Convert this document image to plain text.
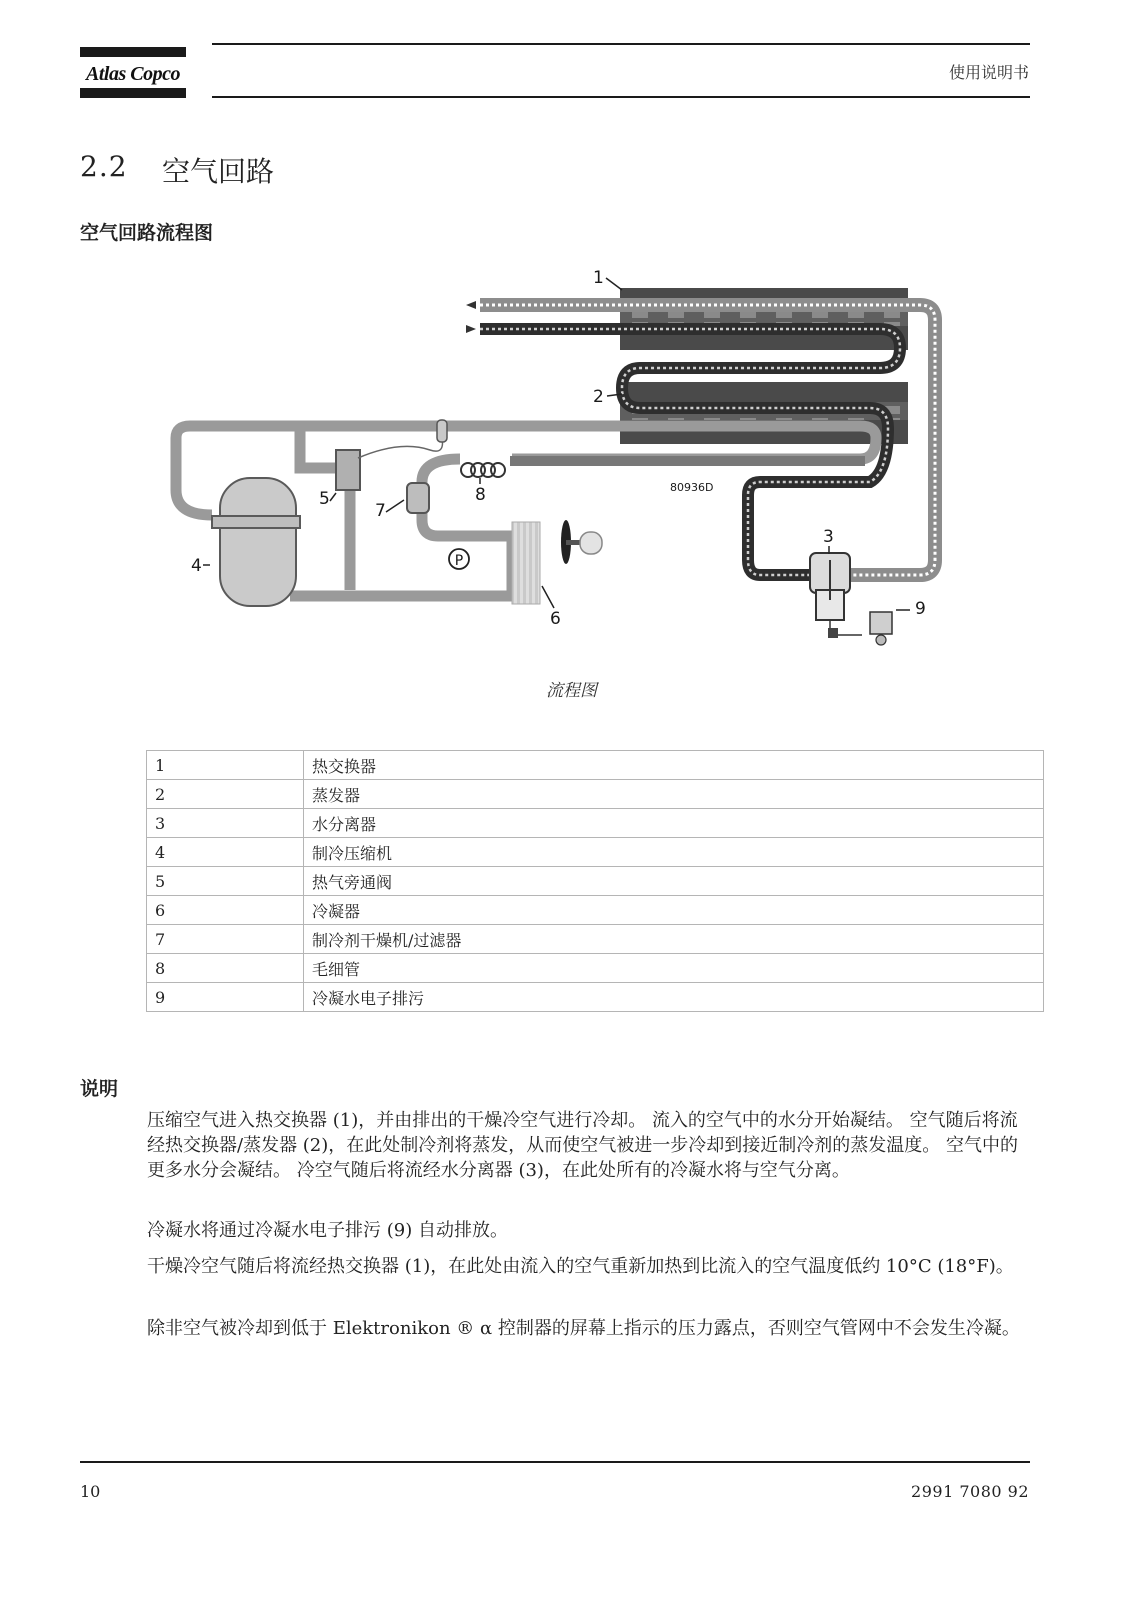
Atlas Copco	使用说明书
2.2 空气回路
空气回路流程图
P
1
2
3
4
5
6
7
8
9
80936D
流程图
1	热交换器
2	蒸发器
3	水分离器
4	制冷压缩机
5	热气旁通阀
6	冷凝器
7	制冷剂干燥机/过滤器
8	毛细管
9	冷凝水电子排污
说明

压缩空气进入热交换器 (1)，并由排出的干燥冷空气进行冷却。 流入的空气中的水分开始凝结。 空气随后将流经热交换器/蒸发器 (2)，在此处制冷剂将蒸发，从而使空气被进一步冷却到接近制冷剂的蒸发温度。 空气中的更多水分会凝结。 冷空气随后将流经水分离器 (3)，在此处所有的冷凝水将与空气分离。

冷凝水将通过冷凝水电子排污 (9) 自动排放。

干燥冷空气随后将流经热交换器 (1)，在此处由流入的空气重新加热到比流入的空气温度低约 10°C (18°F)。

除非空气被冷却到低于 Elektronikon ® α 控制器的屏幕上指示的压力露点，否则空气管网中不会发生冷凝。

10	2991 7080 92
